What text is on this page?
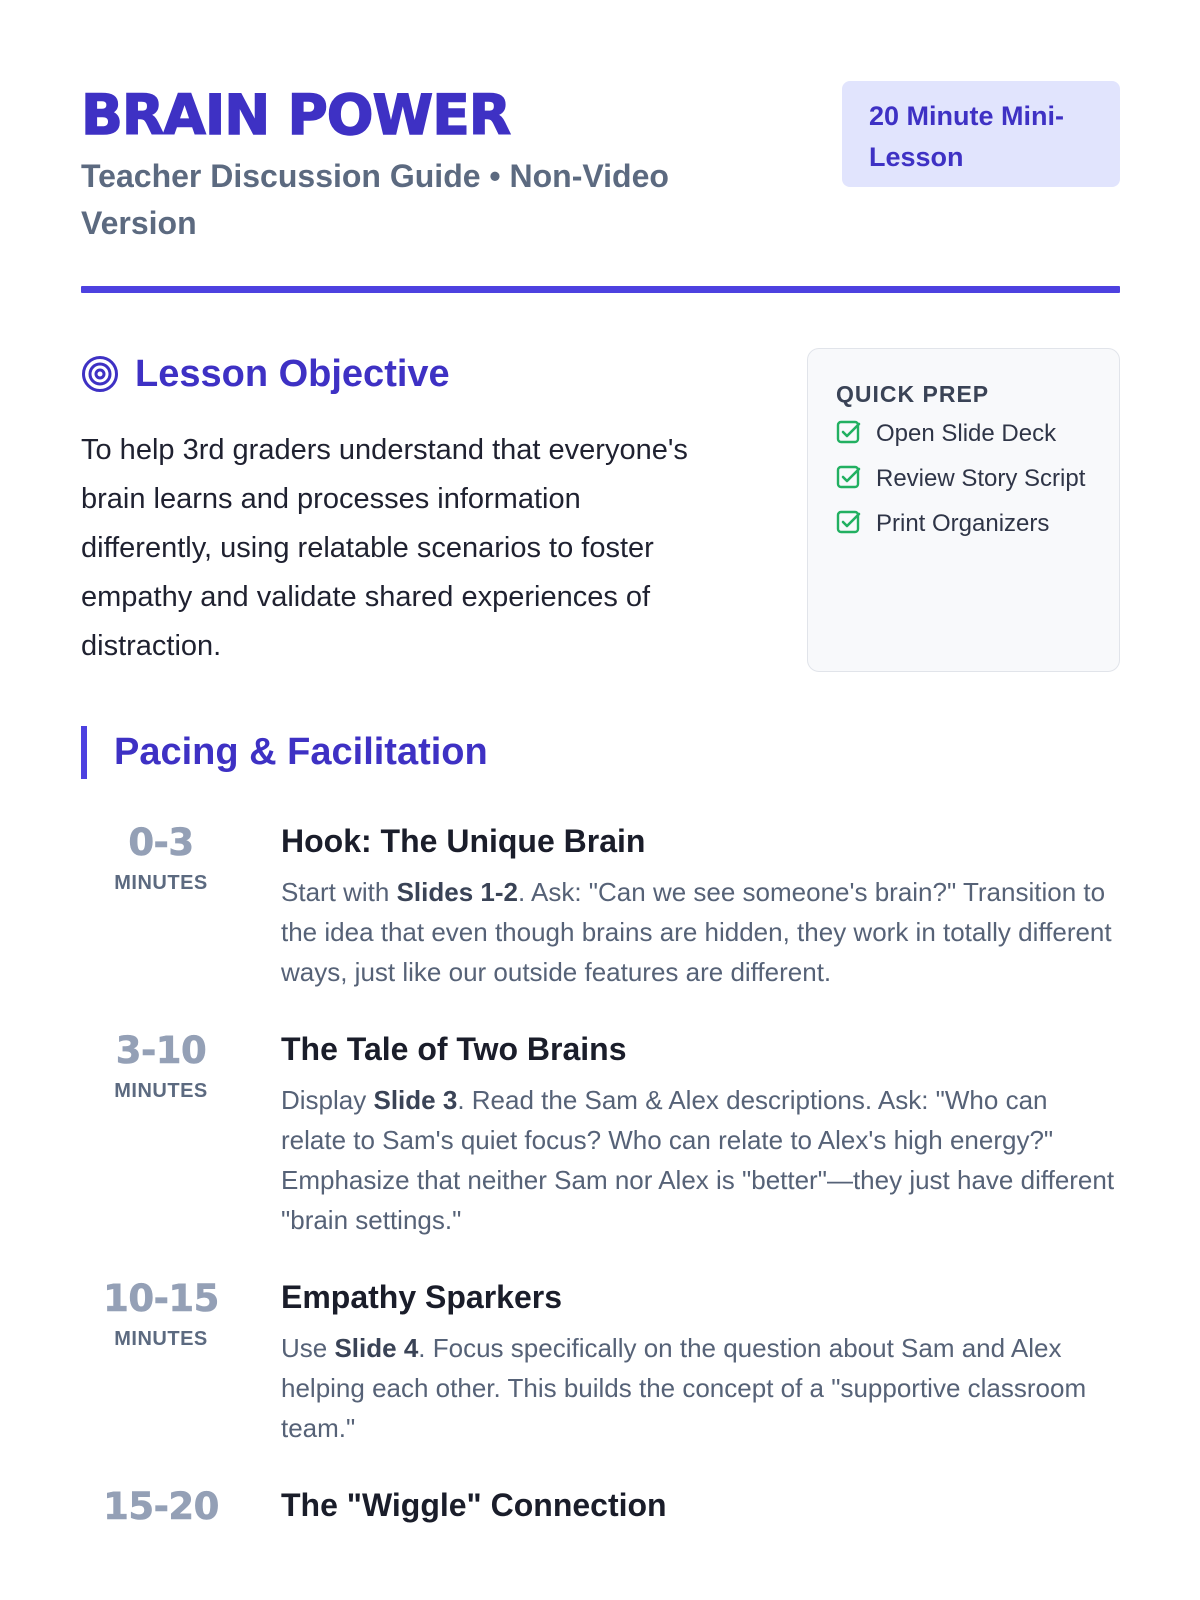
BRAIN POWER

Teacher Discussion Guide • Non-Video Version

20 Minute Mini-Lesson
Lesson Objective

To help 3rd graders understand that everyone's brain learns and processes information differently, using relatable scenarios to foster empathy and validate shared experiences of distraction.

QUICK PREP
Open Slide Deck
Review Story Script
Print Organizers
Pacing & Facilitation
0-3
MINUTES
Hook: The Unique Brain

Start with Slides 1-2. Ask: "Can we see someone's brain?" Transition to the idea that even though brains are hidden, they work in totally different ways, just like our outside features are different.

3-10
MINUTES
The Tale of Two Brains

Display Slide 3. Read the Sam & Alex descriptions. Ask: "Who can relate to Sam's quiet focus? Who can relate to Alex's high energy?" Emphasize that neither Sam nor Alex is "better"—they just have different "brain settings."

10-15
MINUTES
Empathy Sparkers

Use Slide 4. Focus specifically on the question about Sam and Alex helping each other. This builds the concept of a "supportive classroom team."

15-20	The "Wiggle" Connection
